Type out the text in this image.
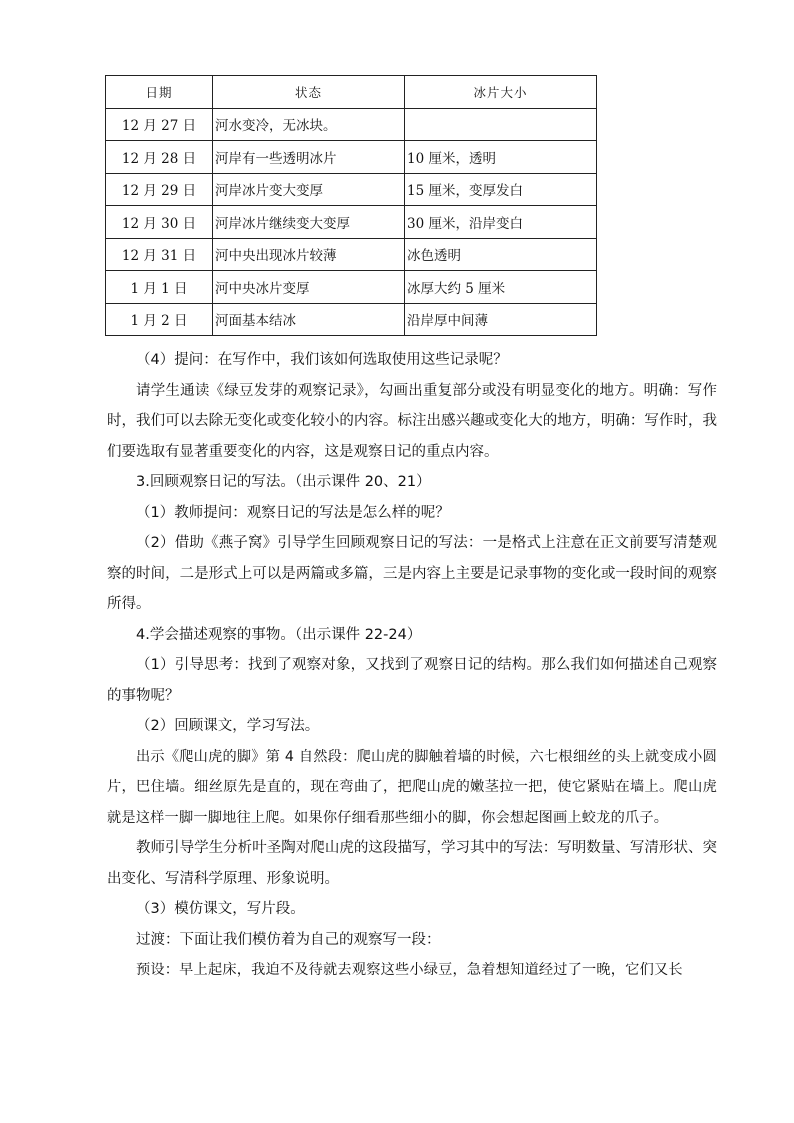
日期	状态	冰片大小
12 月 27 日	河水变冷，无冰块。	
12 月 28 日	河岸有一些透明冰片	10 厘米，透明
12 月 29 日	河岸冰片变大变厚	15 厘米，变厚发白
12 月 30 日	河岸冰片继续变大变厚	30 厘米，沿岸变白
12 月 31 日	河中央出现冰片较薄	冰色透明
1 月 1 日	河中央冰片变厚	冰厚大约 5 厘米
1 月 2 日	河面基本结冰	沿岸厚中间薄

（4）提问：在写作中，我们该如何选取使用这些记录呢？

请学生通读《绿豆发芽的观察记录》，勾画出重复部分或没有明显变化的地方。明确：写作时，我们可以去除无变化或变化较小的内容。标注出感兴趣或变化大的地方，明确：写作时，我们要选取有显著重要变化的内容，这是观察日记的重点内容。

3.回顾观察日记的写法。（出示课件 20、21）

（1）教师提问：观察日记的写法是怎么样的呢？

（2）借助《燕子窝》引导学生回顾观察日记的写法：一是格式上注意在正文前要写清楚观察的时间，二是形式上可以是两篇或多篇，三是内容上主要是记录事物的变化或一段时间的观察所得。

4.学会描述观察的事物。（出示课件 22-24）

（1）引导思考：找到了观察对象，又找到了观察日记的结构。那么我们如何描述自己观察的事物呢？

（2）回顾课文，学习写法。

出示《爬山虎的脚》第 4 自然段：爬山虎的脚触着墙的时候，六七根细丝的头上就变成小圆片，巴住墙。细丝原先是直的，现在弯曲了，把爬山虎的嫩茎拉一把，使它紧贴在墙上。爬山虎就是这样一脚一脚地往上爬。如果你仔细看那些细小的脚，你会想起图画上蛟龙的爪子。

教师引导学生分析叶圣陶对爬山虎的这段描写，学习其中的写法：写明数量、写清形状、突出变化、写清科学原理、形象说明。

（3）模仿课文，写片段。

过渡：下面让我们模仿着为自己的观察写一段：

预设：早上起床，我迫不及待就去观察这些小绿豆，急着想知道经过了一晚，它们又长
